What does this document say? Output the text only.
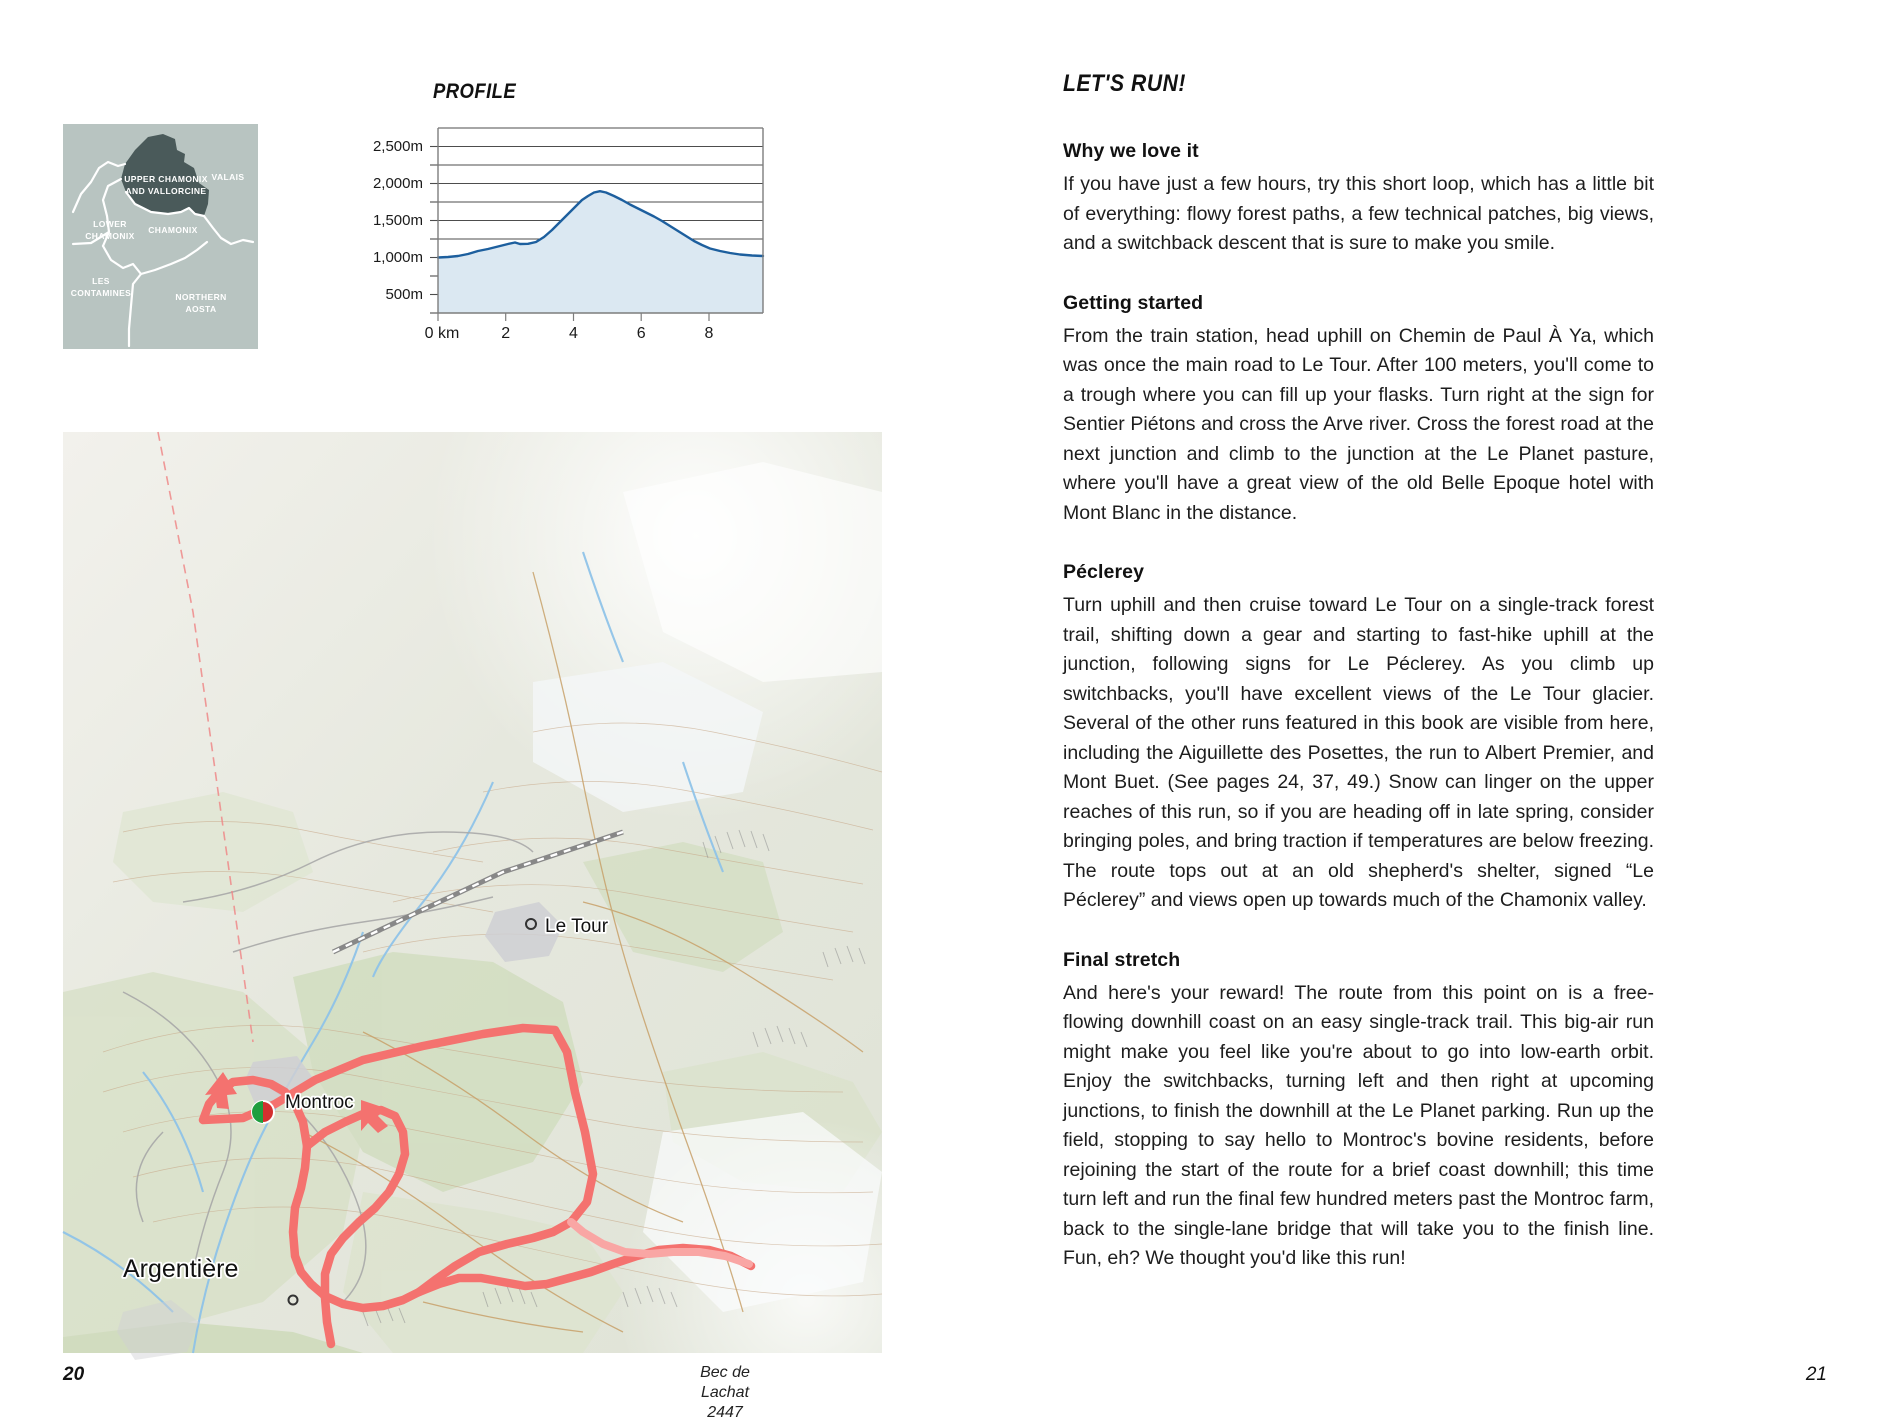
UPPER CHAMONIX
AND VALLORCINE
VALAIS
LOWER
CHAMONIX
CHAMONIX
LES
CONTAMINES	NORTHERN
AOSTA
PROFILE
2,500m
2,000m
1,500m
1,000m
500m
0 km	2	4	6	8
Le Tour
Montroc
Argentière
Bec de
Lachat
2447
20
LET'S RUN!
Why we love it

If you have just a few hours, try this short loop, which has a little bit of everything: flowy forest paths, a few technical patches, big views, and a switchback descent that is sure to make you smile.

Getting started

From the train station, head uphill on Chemin de Paul À Ya, which was once the main road to Le Tour. After 100 meters, you'll come to a trough where you can fill up your flasks. Turn right at the sign for Sentier Piétons and cross the Arve river. Cross the forest road at the next junction and climb to the junction at the Le Planet pasture, where you'll have a great view of the old Belle Epoque hotel with Mont Blanc in the distance.

Péclerey

Turn uphill and then cruise toward Le Tour on a single-track forest trail, shifting down a gear and starting to fast-hike uphill at the junction, following signs for Le Péclerey. As you climb up switchbacks, you'll have excellent views of the Le Tour glacier. Several of the other runs featured in this book are visible from here, including the Aiguillette des Posettes, the run to Albert Premier, and Mont Buet. (See pages 24, 37, 49.) Snow can linger on the upper reaches of this run, so if you are heading off in late spring, consider bringing poles, and bring traction if temperatures are below freezing. The route tops out at an old shepherd's shelter, signed “Le Péclerey” and views open up towards much of the Chamonix valley.

Final stretch

And here's your reward! The route from this point on is a free-flowing downhill coast on an easy single-track trail. This big-air run might make you feel like you're about to go into low-earth orbit. Enjoy the switchbacks, turning left and then right at upcoming junctions, to finish the downhill at the Le Planet parking. Run up the field, stopping to say hello to Montroc's bovine residents, before rejoining the start of the route for a brief coast downhill; this time turn left and run the final few hundred meters past the Montroc farm, back to the single-lane bridge that will take you to the finish line. Fun, eh? We thought you'd like this run!

21
